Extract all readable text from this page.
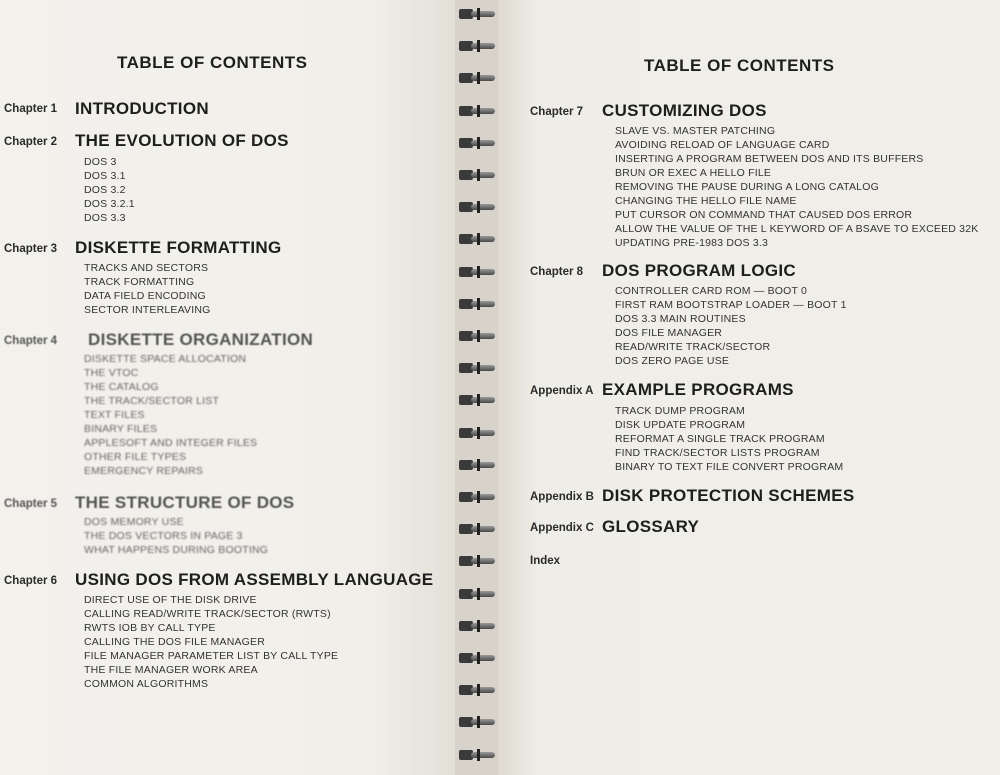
TABLE OF CONTENTS
Chapter 1 INTRODUCTION
Chapter 2 THE EVOLUTION OF DOS
DOS 3
DOS 3.1
DOS 3.2
DOS 3.2.1
DOS 3.3
Chapter 3 DISKETTE FORMATTING
TRACKS AND SECTORS
TRACK FORMATTING
DATA FIELD ENCODING
SECTOR INTERLEAVING
Chapter 4 DISKETTE ORGANIZATION
DISKETTE SPACE ALLOCATION
THE VTOC
THE CATALOG
THE TRACK/SECTOR LIST
TEXT FILES
BINARY FILES
APPLESOFT AND INTEGER FILES
OTHER FILE TYPES
EMERGENCY REPAIRS
Chapter 5 THE STRUCTURE OF DOS
DOS MEMORY USE
THE DOS VECTORS IN PAGE 3
WHAT HAPPENS DURING BOOTING
Chapter 6 USING DOS FROM ASSEMBLY LANGUAGE
DIRECT USE OF THE DISK DRIVE
CALLING READ/WRITE TRACK/SECTOR (RWTS)
RWTS IOB BY CALL TYPE
CALLING THE DOS FILE MANAGER
FILE MANAGER PARAMETER LIST BY CALL TYPE
THE FILE MANAGER WORK AREA
COMMON ALGORITHMS
TABLE OF CONTENTS
Chapter 7 CUSTOMIZING DOS
SLAVE VS. MASTER PATCHING
AVOIDING RELOAD OF LANGUAGE CARD
INSERTING A PROGRAM BETWEEN DOS AND ITS BUFFERS
BRUN OR EXEC A HELLO FILE
REMOVING THE PAUSE DURING A LONG CATALOG
CHANGING THE HELLO FILE NAME
PUT CURSOR ON COMMAND THAT CAUSED DOS ERROR
ALLOW THE VALUE OF THE L KEYWORD OF A BSAVE TO EXCEED 32K
UPDATING PRE-1983 DOS 3.3
Chapter 8 DOS PROGRAM LOGIC
CONTROLLER CARD ROM — BOOT 0
FIRST RAM BOOTSTRAP LOADER — BOOT 1
DOS 3.3 MAIN ROUTINES
DOS FILE MANAGER
READ/WRITE TRACK/SECTOR
DOS ZERO PAGE USE
Appendix A EXAMPLE PROGRAMS
TRACK DUMP PROGRAM
DISK UPDATE PROGRAM
REFORMAT A SINGLE TRACK PROGRAM
FIND TRACK/SECTOR LISTS PROGRAM
BINARY TO TEXT FILE CONVERT PROGRAM
Appendix B DISK PROTECTION SCHEMES
Appendix C GLOSSARY
Index
